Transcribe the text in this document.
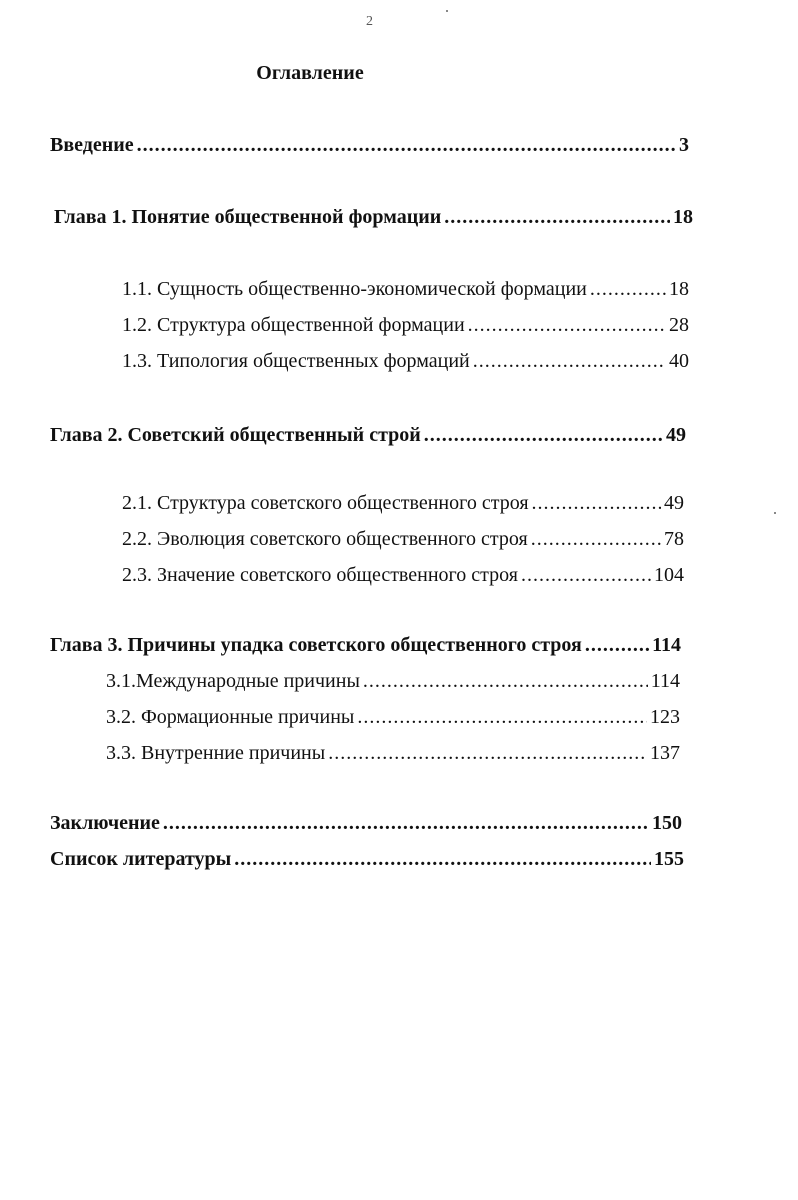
2
Оглавление
Введение .....	3
Глава 1. Понятие общественной формации .....	18
1.1. Сущность общественно-экономической формации .....	18
1.2. Структура общественной формации .....	28
1.3. Типология общественных формаций .....	40
Глава 2. Советский общественный строй .....	49
2.1. Структура советского общественного строя .....	49
2.2. Эволюция советского общественного строя .....	78
2.3. Значение советского общественного строя .....	104
Глава 3. Причины упадка советского общественного строя .....	114
3.1.Международные причины .....	114
3.2. Формационные причины .....	123
3.3. Внутренние причины .....	137
Заключение .....	150
Список литературы .....	155
